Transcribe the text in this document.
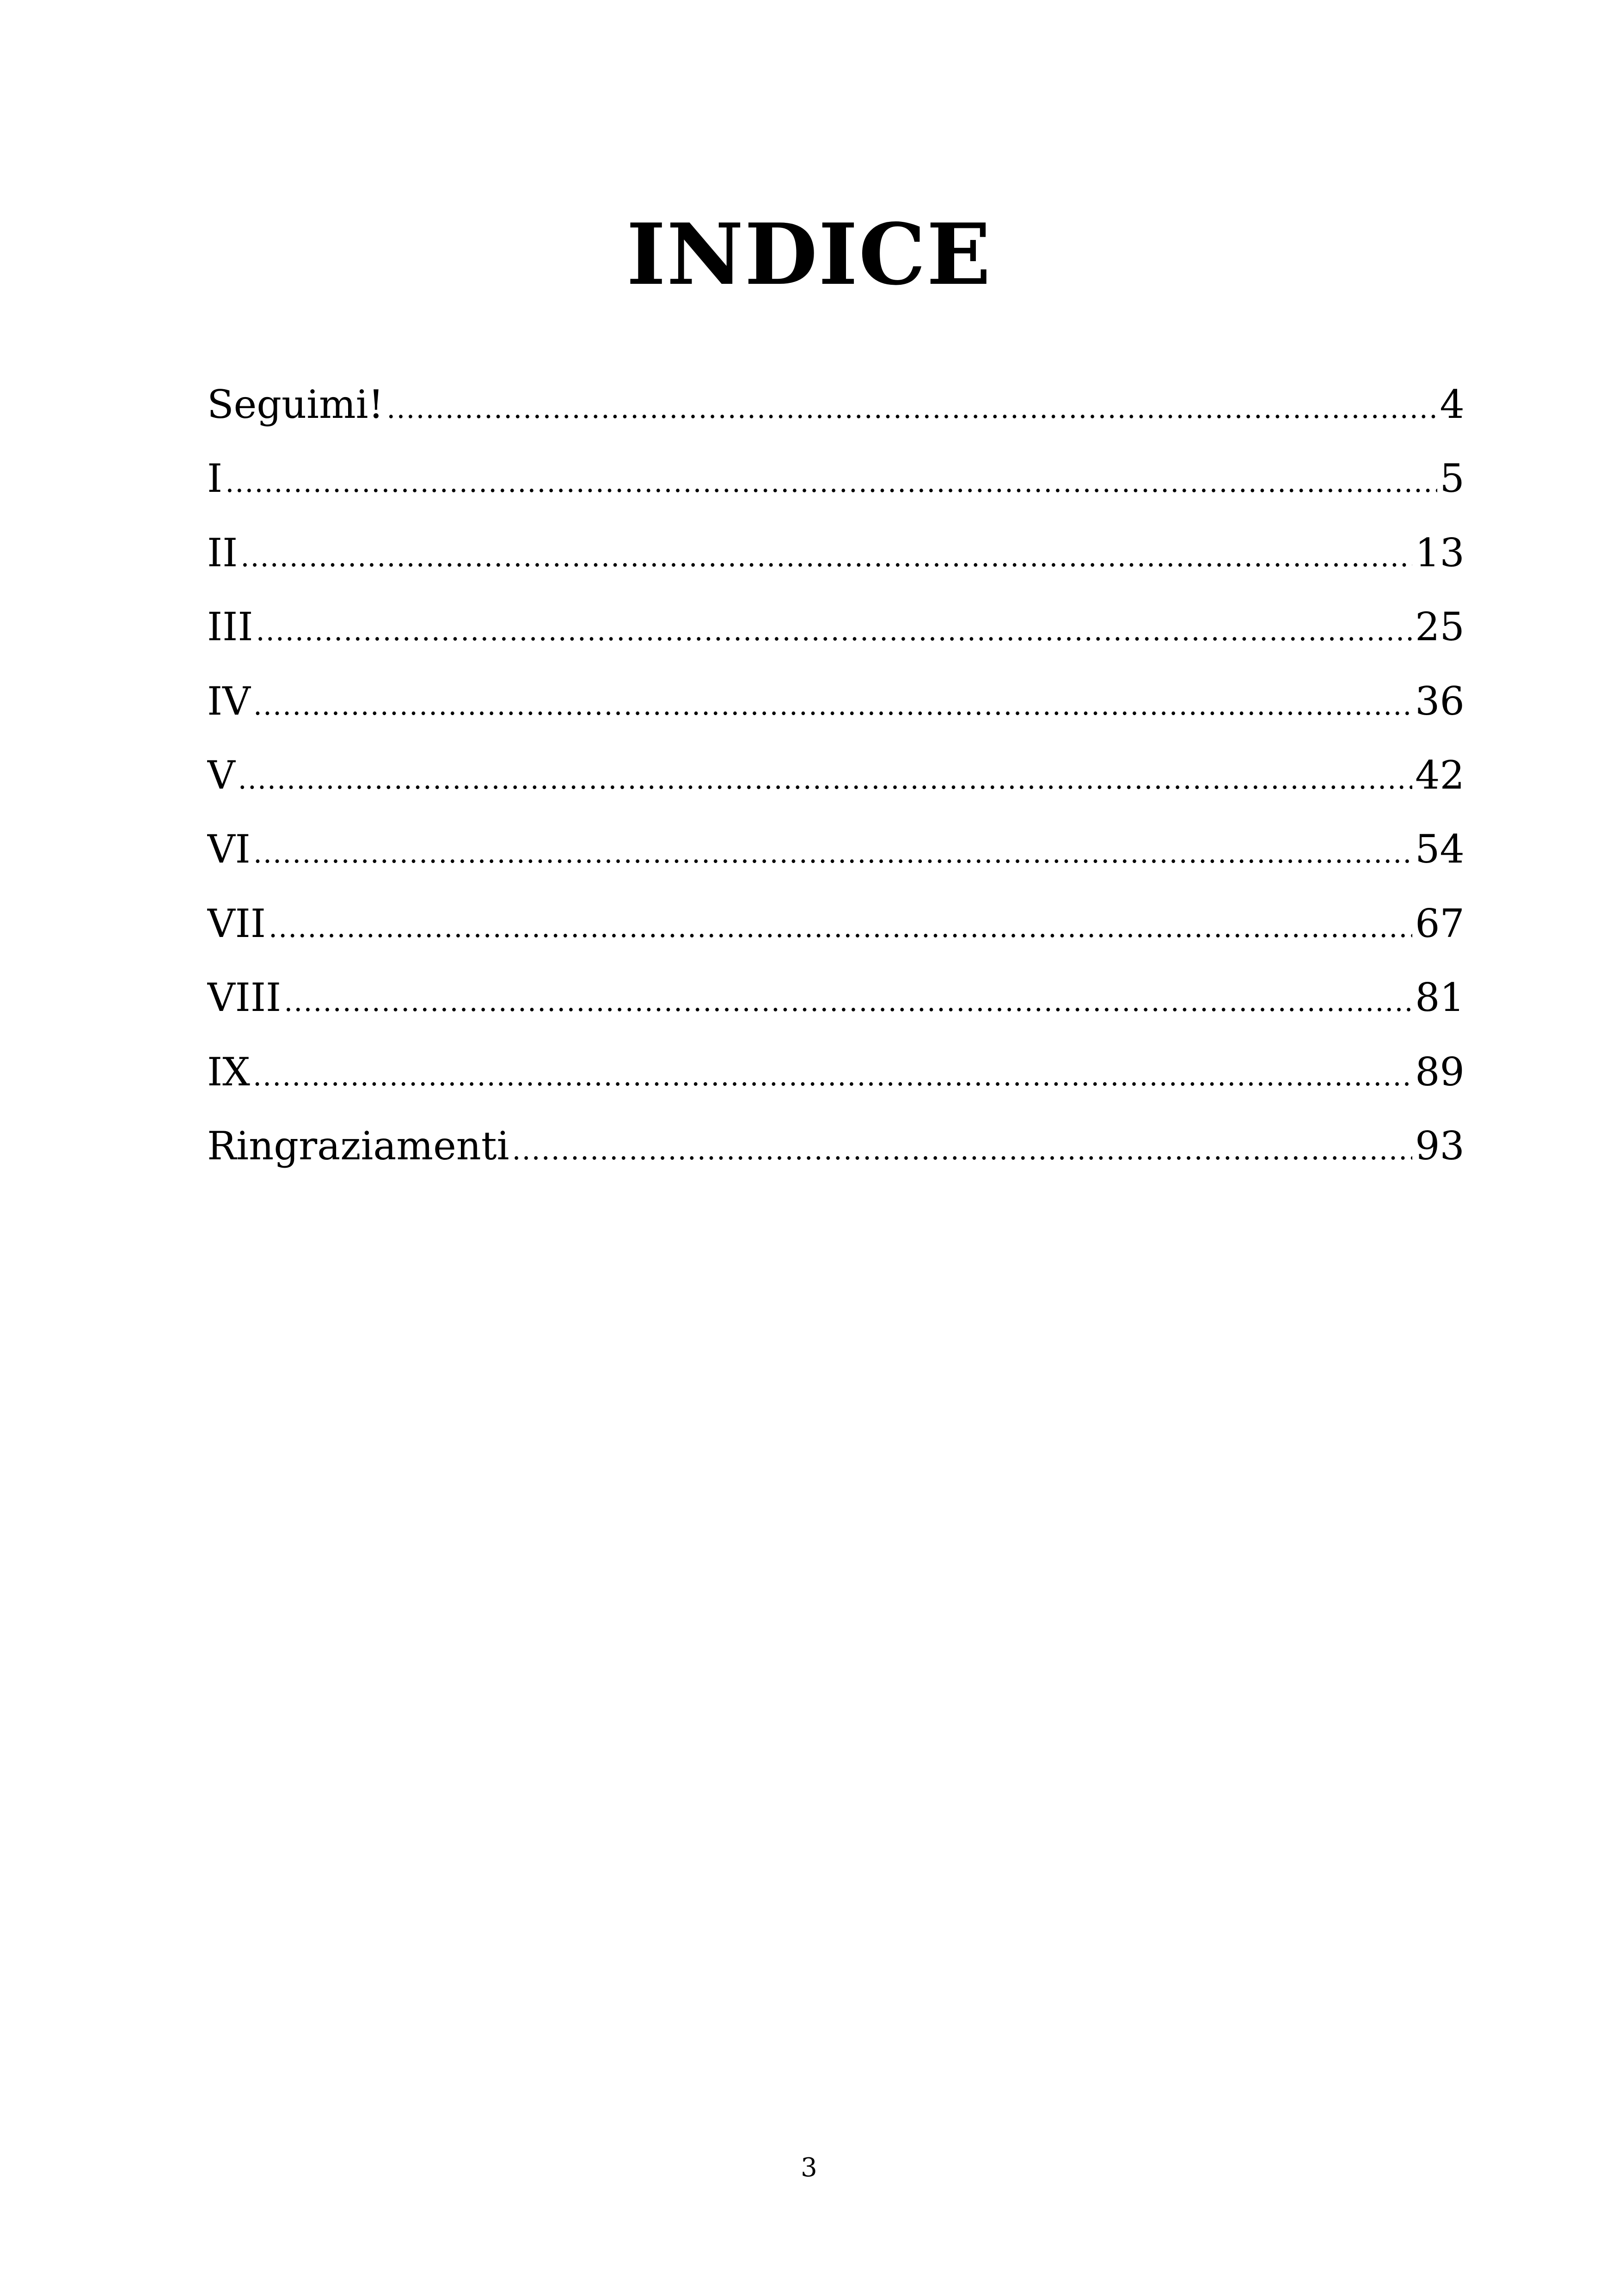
INDICE
Seguimi! .....	4
I .....	5
II .....	13
III .....	25
IV .....	36
V .....	42
VI .....	54
VII .....	67
VIII .....	81
IX .....	89
Ringraziamenti .....	93
3
